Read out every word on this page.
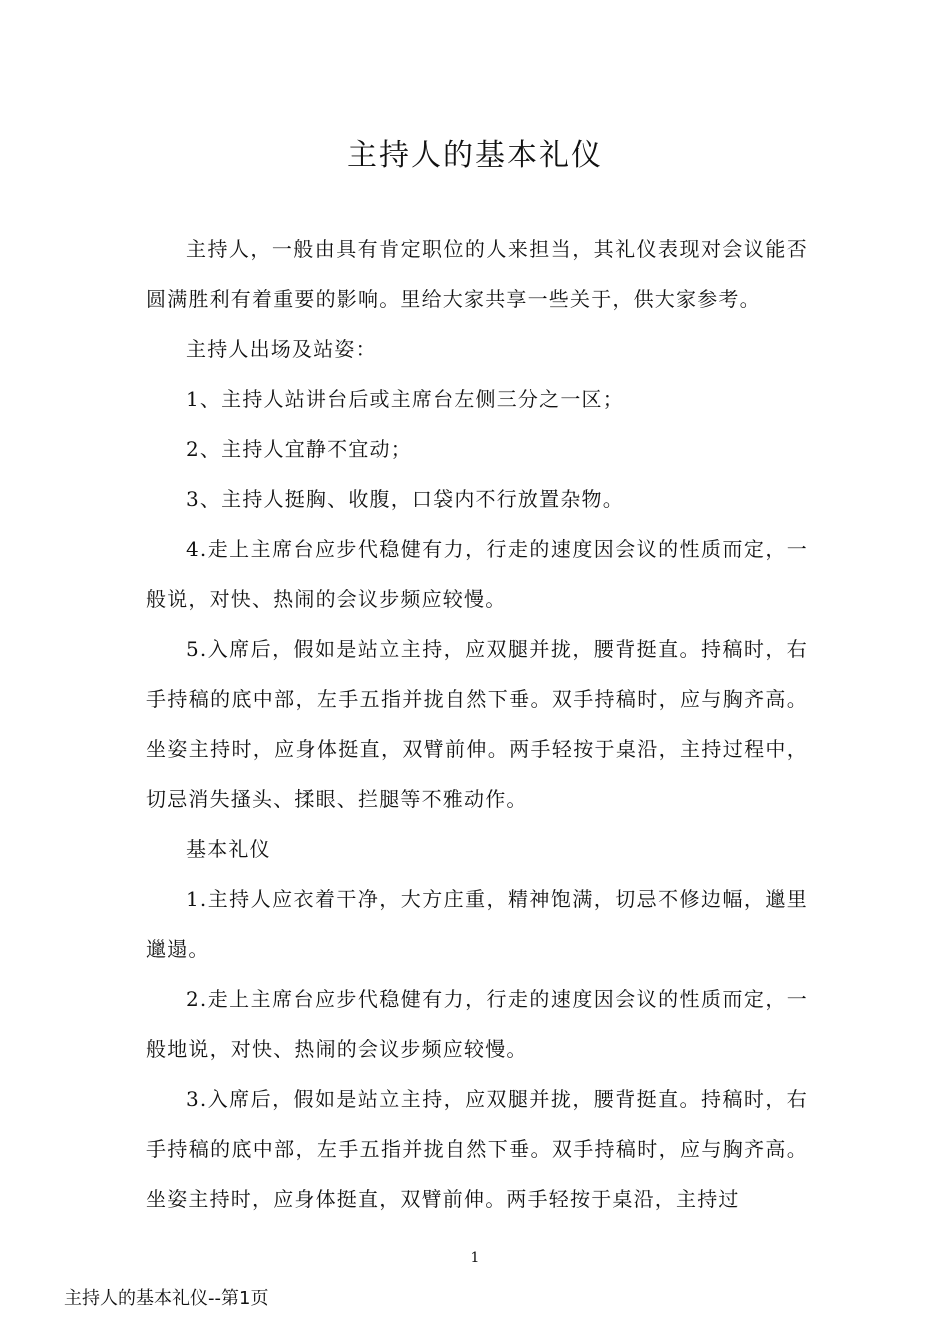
主持人的基本礼仪

主持人，一般由具有肯定职位的人来担当，其礼仪表现对会议能否圆满胜利有着重要的影响。里给大家共享一些关于，供大家参考。

主持人出场及站姿：

1、主持人站讲台后或主席台左侧三分之一区；

2、主持人宜静不宜动；

3、主持人挺胸、收腹，口袋内不行放置杂物。

4.走上主席台应步代稳健有力，行走的速度因会议的性质而定，一般说，对快、热闹的会议步频应较慢。

5.入席后，假如是站立主持，应双腿并拢，腰背挺直。持稿时，右手持稿的底中部，左手五指并拢自然下垂。双手持稿时，应与胸齐高。坐姿主持时，应身体挺直，双臂前伸。两手轻按于桌沿，主持过程中，切忌消失搔头、揉眼、拦腿等不雅动作。

基本礼仪

1.主持人应衣着干净，大方庄重，精神饱满，切忌不修边幅，邋里邋遢。

2.走上主席台应步代稳健有力，行走的速度因会议的性质而定，一般地说，对快、热闹的会议步频应较慢。

3.入席后，假如是站立主持，应双腿并拢，腰背挺直。持稿时，右手持稿的底中部，左手五指并拢自然下垂。双手持稿时，应与胸齐高。坐姿主持时，应身体挺直，双臂前伸。两手轻按于桌沿，主持过

1
主持人的基本礼仪--第1页
